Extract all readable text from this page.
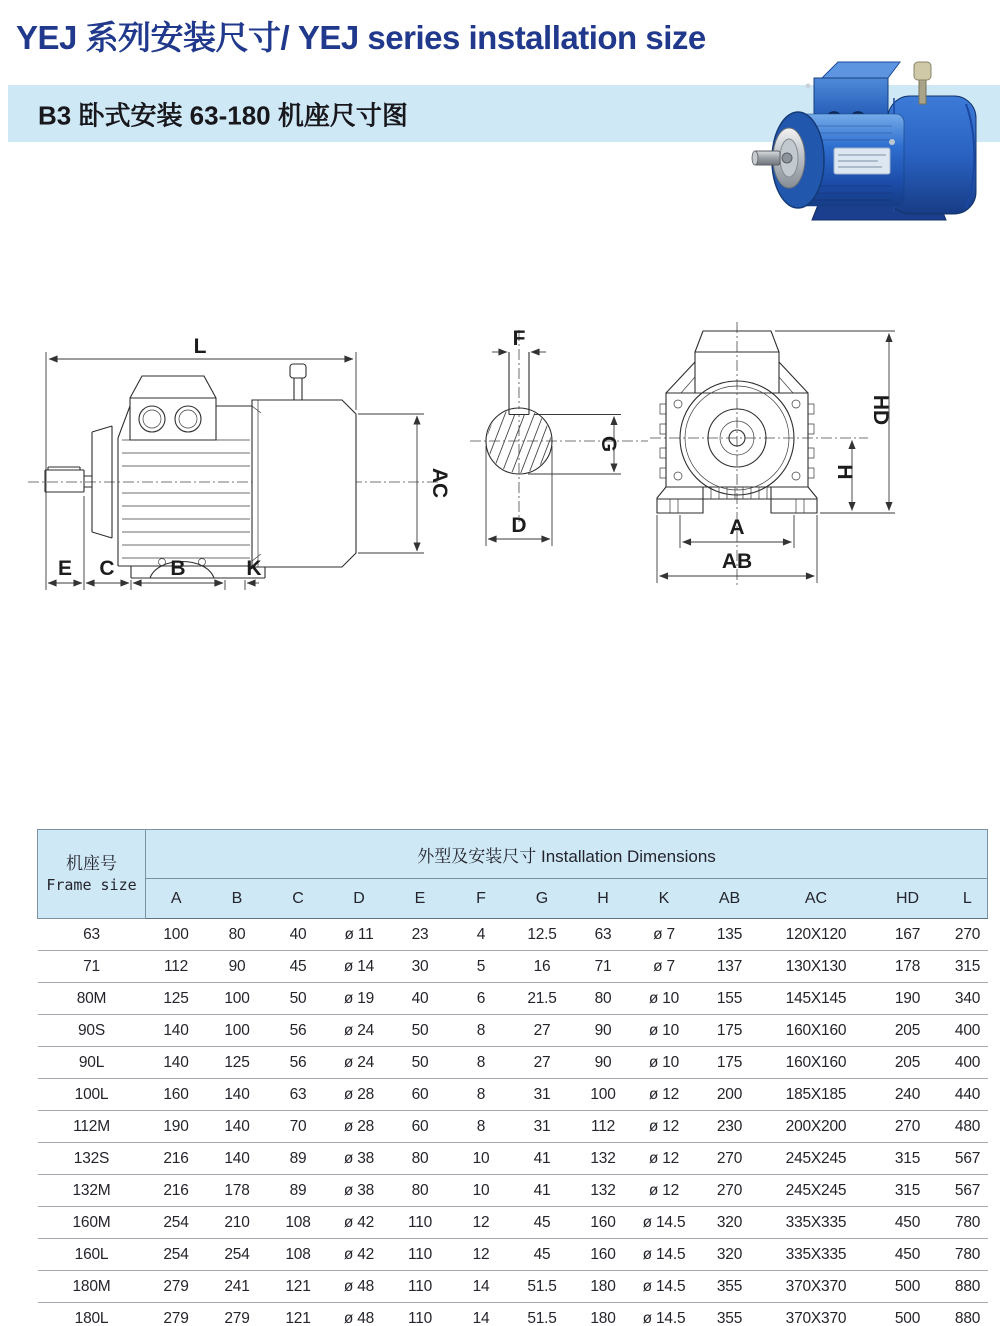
YEJ 系列安装尺寸/ YEJ series installation size
B3 卧式安装 63-180 机座尺寸图
L
AC
E C	B	K
F
G
D
HD
H
A
AB
机座号
Frame size	外型及安装尺寸 Installation Dimensions												
	A	B	C	D	E	F	G	H	K	AB	AC	HD	L
63	100	80	40	ø 11	23	4	12.5	63	ø 7	135	120X120	167	270
71	112	90	45	ø 14	30	5	16	71	ø 7	137	130X130	178	315
80M	125	100	50	ø 19	40	6	21.5	80	ø 10	155	145X145	190	340
90S	140	100	56	ø 24	50	8	27	90	ø 10	175	160X160	205	400
90L	140	125	56	ø 24	50	8	27	90	ø 10	175	160X160	205	400
100L	160	140	63	ø 28	60	8	31	100	ø 12	200	185X185	240	440
112M	190	140	70	ø 28	60	8	31	112	ø 12	230	200X200	270	480
132S	216	140	89	ø 38	80	10	41	132	ø 12	270	245X245	315	567
132M	216	178	89	ø 38	80	10	41	132	ø 12	270	245X245	315	567
160M	254	210	108	ø 42	110	12	45	160	ø 14.5	320	335X335	450	780
160L	254	254	108	ø 42	110	12	45	160	ø 14.5	320	335X335	450	780
180M	279	241	121	ø 48	110	14	51.5	180	ø 14.5	355	370X370	500	880
180L	279	279	121	ø 48	110	14	51.5	180	ø 14.5	355	370X370	500	880
